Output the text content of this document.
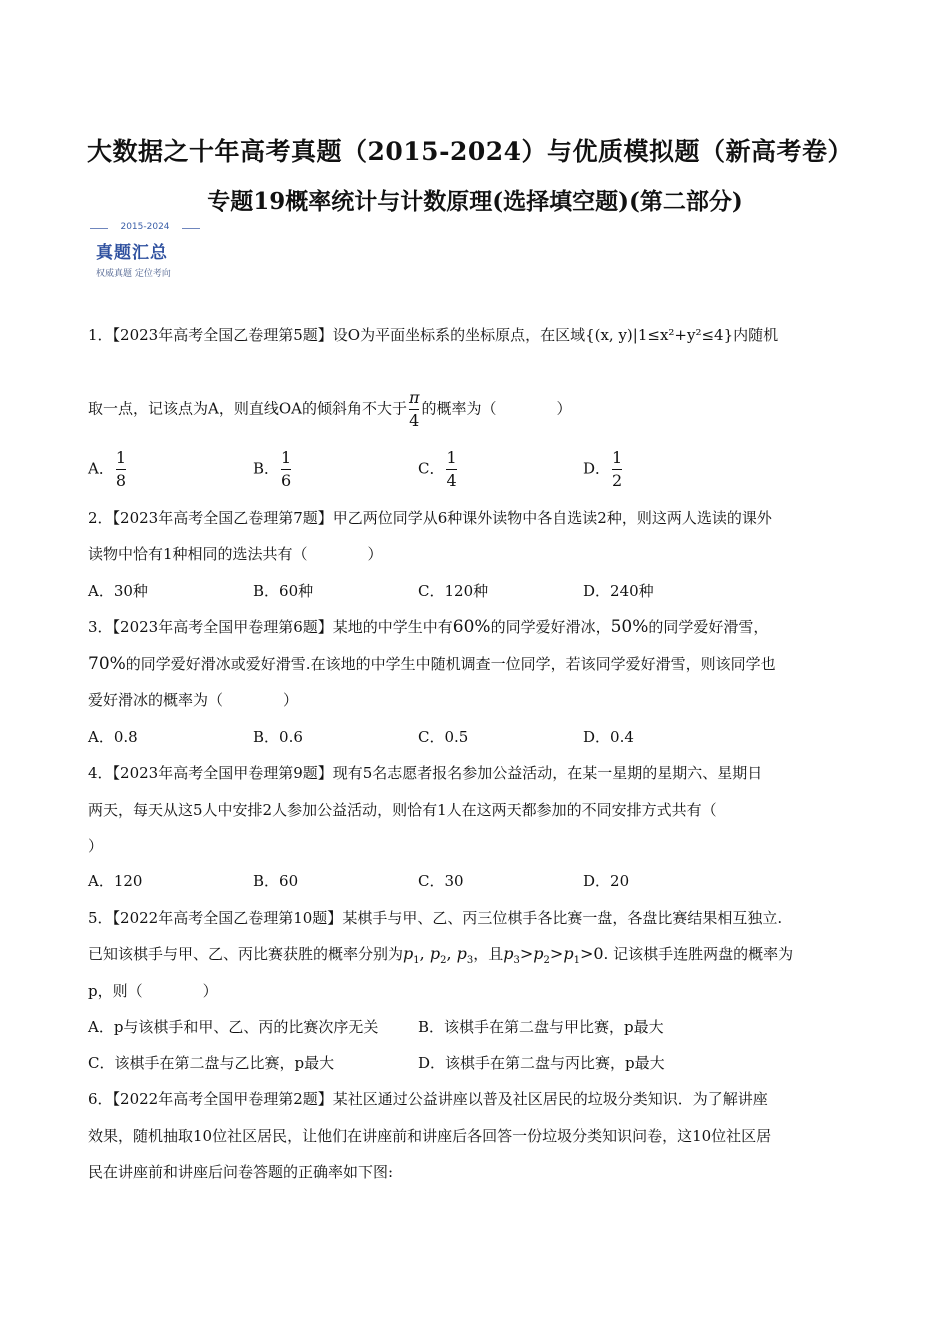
大数据之十年高考真题（2015-2024）与优质模拟题（新高考卷）
专题19概率统计与计数原理(选择填空题)(第二部分)
2015-2024
真题汇总
权威真题 定位考向
1．【2023年高考全国乙卷理第5题】设O为平面坐标系的坐标原点，在区域{(x, y)|1≤x²+y²≤4}内随机
取一点，记该点为A，则直线OA的倾斜角不大于 $\frac{\pi}{4}$ 的概率为（　　　　）
A． $\frac{1}{8}$	B． $\frac{1}{6}$	C． $\frac{1}{4}$	D． $\frac{1}{2}$
2．【2023年高考全国乙卷理第7题】甲乙两位同学从6种课外读物中各自选读2种，则这两人选读的课外
读物中恰有1种相同的选法共有（　　　　）
A．30种	B．60种	C．120种	D．240种
3．【2023年高考全国甲卷理第6题】某地的中学生中有60%的同学爱好滑冰，50%的同学爱好滑雪，
70%的同学爱好滑冰或爱好滑雪.在该地的中学生中随机调查一位同学，若该同学爱好滑雪，则该同学也
爱好滑冰的概率为（　　　　）
A．0.8	B．0.6	C．0.5	D．0.4
4．【2023年高考全国甲卷理第9题】现有5名志愿者报名参加公益活动，在某一星期的星期六、星期日
两天，每天从这5人中安排2人参加公益活动，则恰有1人在这两天都参加的不同安排方式共有（
）
A．120	B．60	C．30	D．20
5．【2022年高考全国乙卷理第10题】某棋手与甲、乙、丙三位棋手各比赛一盘，各盘比赛结果相互独立.
已知该棋手与甲、乙、丙比赛获胜的概率分别为$p_1$, $p_2$, $p_3$，且$p_3>p_2>p_1>0$. 记该棋手连胜两盘的概率为
p，则（　　　　）
A．p与该棋手和甲、乙、丙的比赛次序无关	B．该棋手在第二盘与甲比赛，p最大
C．该棋手在第二盘与乙比赛，p最大	D．该棋手在第二盘与丙比赛，p最大
6．【2022年高考全国甲卷理第2题】某社区通过公益讲座以普及社区居民的垃圾分类知识．为了解讲座
效果，随机抽取10位社区居民，让他们在讲座前和讲座后各回答一份垃圾分类知识问卷，这10位社区居
民在讲座前和讲座后问卷答题的正确率如下图:
